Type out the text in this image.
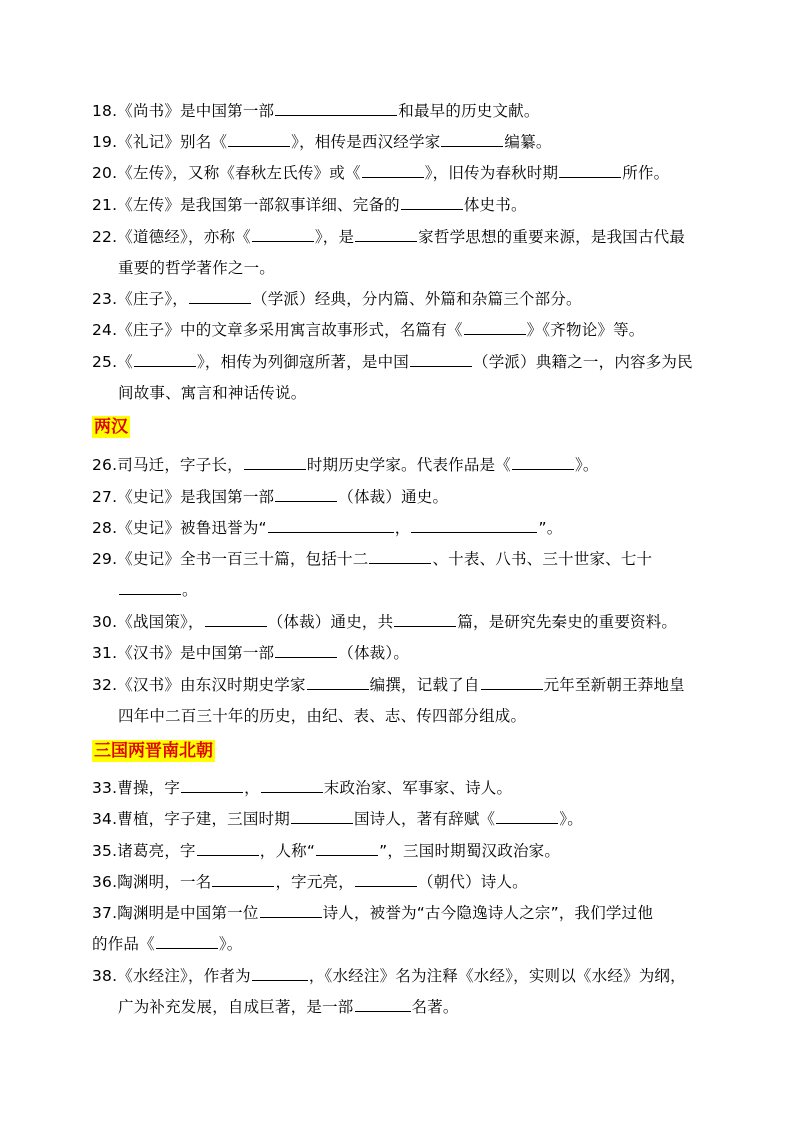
18.《尚书》是中国第一部	和最早的历史文献。
19.《礼记》别名《	》，相传是西汉经学家	编纂。
20.《左传》，又称《春秋左氏传》或《	》，旧传为春秋时期	所作。
21.《左传》是我国第一部叙事详细、完备的	体史书。
22.《道德经》，亦称《	》，是	家哲学思想的重要来源，是我国古代最
重要的哲学著作之一。
23.《庄子》，	（学派）经典，分内篇、外篇和杂篇三个部分。
24.《庄子》中的文章多采用寓言故事形式，名篇有《	》《齐物论》等。
25.《	》，相传为列御寇所著，是中国	（学派）典籍之一，内容多为民
间故事、寓言和神话传说。
两汉
26.司马迁，字子长，	时期历史学家。代表作品是《	》。
27.《史记》是我国第一部	（体裁）通史。
28.《史记》被鲁迅誉为“	，	”。
29.《史记》全书一百三十篇，包括十二	、十表、八书、三十世家、七十
。
30.《战国策》，	（体裁）通史，共	篇，是研究先秦史的重要资料。
31.《汉书》是中国第一部	（体裁）。
32.《汉书》由东汉时期史学家	编撰，记载了自	元年至新朝王莽地皇
四年中二百三十年的历史，由纪、表、志、传四部分组成。
三国两晋南北朝
33.曹操，字	，	末政治家、军事家、诗人。
34.曹植，字子建，三国时期	国诗人，著有辞赋《	》。
35.诸葛亮，字	，人称“	”，三国时期蜀汉政治家。
36.陶渊明，一名	，字元亮，	（朝代）诗人。
37.陶渊明是中国第一位	诗人，被誉为“古今隐逸诗人之宗”，我们学过他
的作品《	》。
38.《水经注》，作者为	，《水经注》名为注释《水经》，实则以《水经》为纲，
广为补充发展，自成巨著，是一部	名著。
